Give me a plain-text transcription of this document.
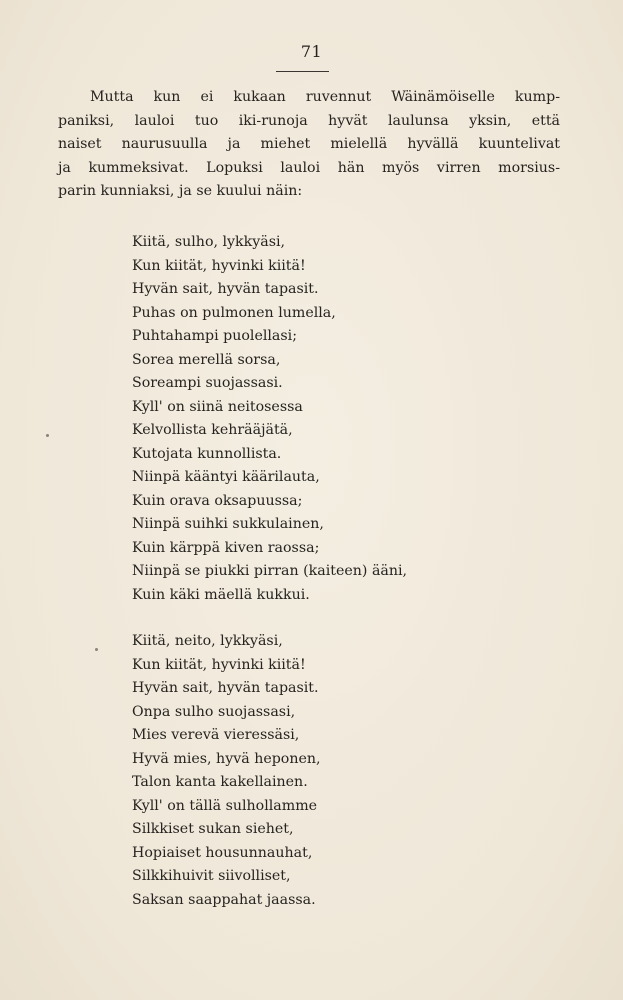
71
Mutta kun ei kukaan ruvennut Wäinämöiselle kump-
paniksi, lauloi tuo iki-runoja hyvät laulunsa yksin, että
naiset naurusuulla ja miehet mielellä hyvällä kuuntelivat
ja kummeksivat. Lopuksi lauloi hän myös virren morsius-
parin kunniaksi, ja se kuului näin:
Kiitä, sulho, lykkyäsi,
Kun kiität, hyvinki kiitä!
Hyvän sait, hyvän tapasit.
Puhas on pulmonen lumella,
Puhtahampi puolellasi;
Sorea merellä sorsa,
Soreampi suojassasi.
Kyll' on siinä neitosessa
Kelvollista kehrääjätä,
Kutojata kunnollista.
Niinpä kääntyi käärilauta,
Kuin orava oksapuussa;
Niinpä suihki sukkulainen,
Kuin kärppä kiven raossa;
Niinpä se piukki pirran (kaiteen) ääni,
Kuin käki mäellä kukkui.
Kiitä, neito, lykkyäsi,
Kun kiität, hyvinki kiitä!
Hyvän sait, hyvän tapasit.
Onpa sulho suojassasi,
Mies verevä vieressäsi,
Hyvä mies, hyvä heponen,
Talon kanta kakellainen.
Kyll' on tällä sulhollamme
Silkkiset sukan siehet,
Hopiaiset housunnauhat,
Silkkihuivit siivolliset,
Saksan saappahat jaassa.
